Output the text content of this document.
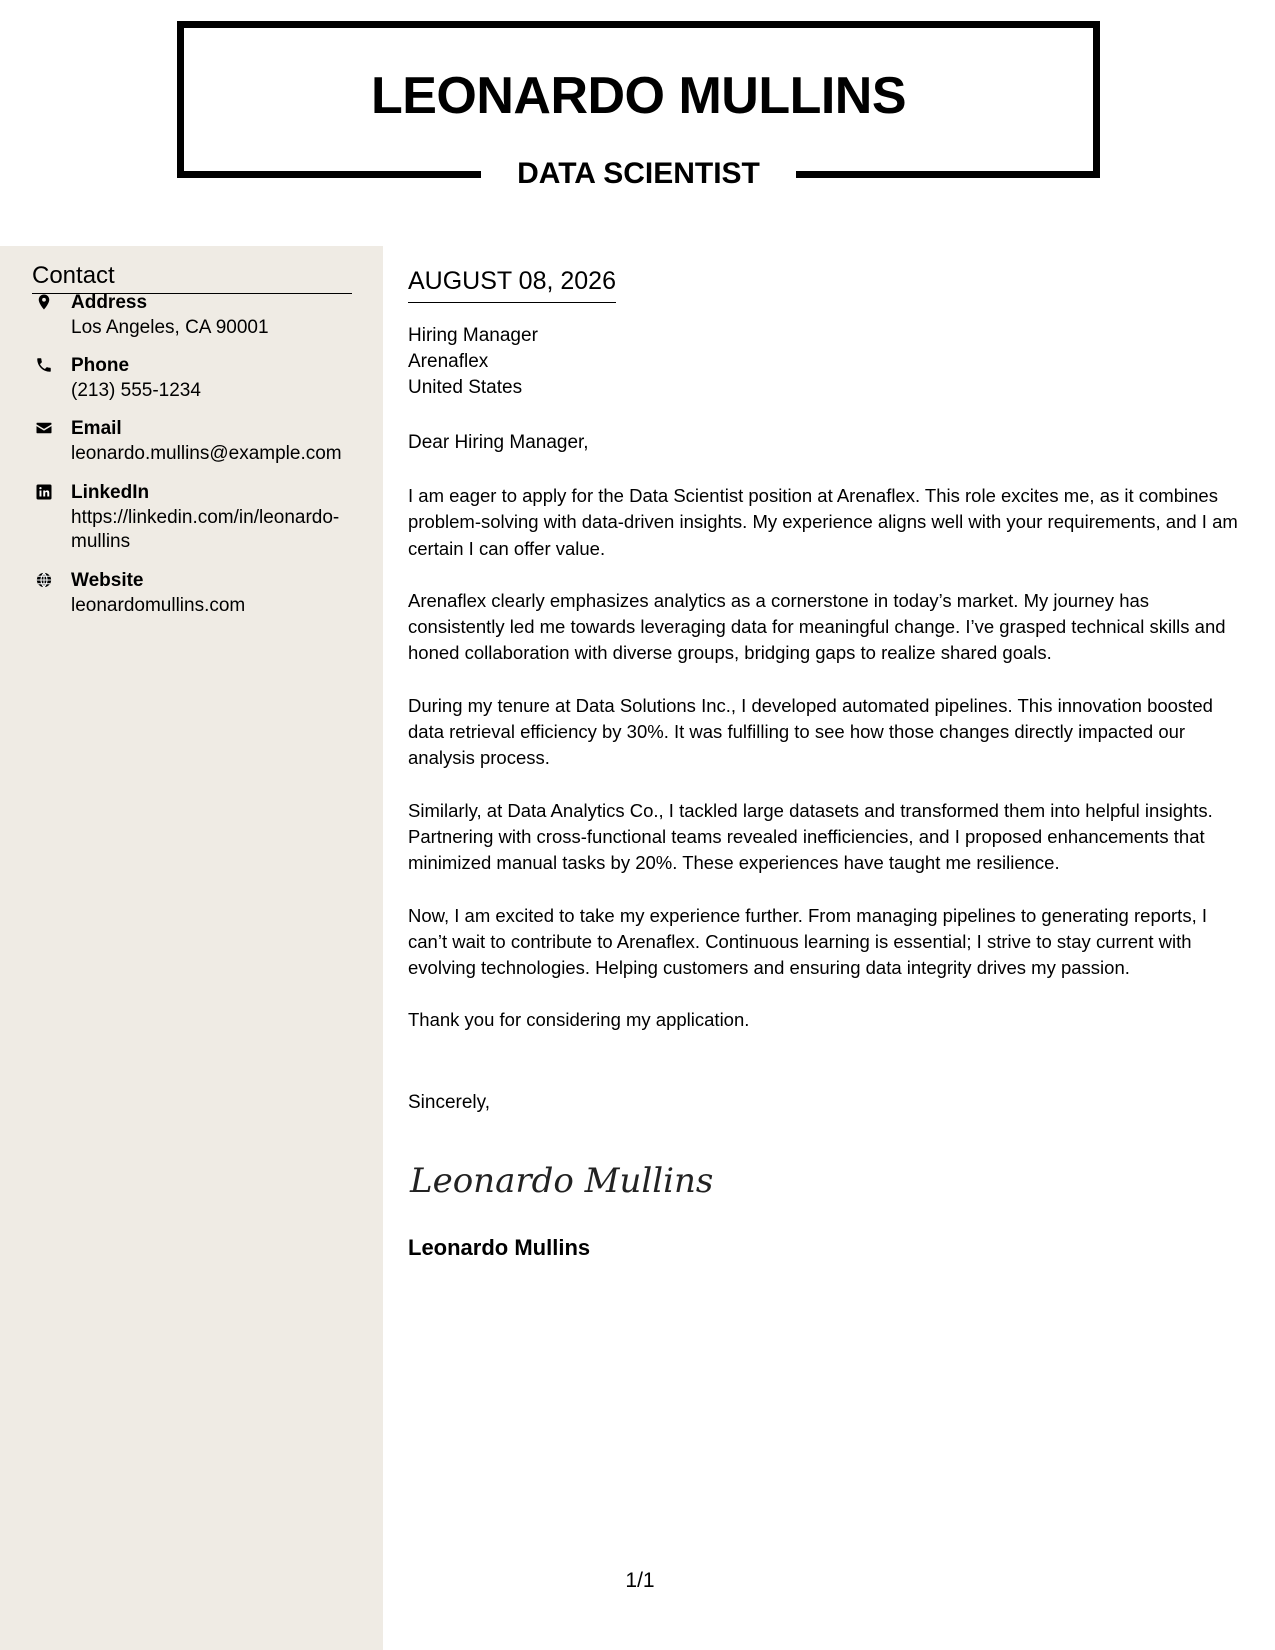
LEONARDO MULLINS
DATA SCIENTIST
Contact
Address
Los Angeles, CA 90001
Phone
(213) 555-1234
Email
leonardo.mullins@example.com
LinkedIn
https://linkedin.com/in/leonardo-mullins
Website
leonardomullins.com
AUGUST 08, 2026
Hiring Manager
Arenaflex
United States
Dear Hiring Manager,

I am eager to apply for the Data Scientist position at Arenaflex. This role excites me, as it combines problem-solving with data-driven insights. My experience aligns well with your requirements, and I am certain I can offer value.

Arenaflex clearly emphasizes analytics as a cornerstone in today’s market. My journey has consistently led me towards leveraging data for meaningful change. I’ve grasped technical skills and honed collaboration with diverse groups, bridging gaps to realize shared goals.

During my tenure at Data Solutions Inc., I developed automated pipelines. This innovation boosted data retrieval efficiency by 30%. It was fulfilling to see how those changes directly impacted our analysis process.

Similarly, at Data Analytics Co., I tackled large datasets and transformed them into helpful insights. Partnering with cross-functional teams revealed inefficiencies, and I proposed enhancements that minimized manual tasks by 20%. These experiences have taught me resilience.

Now, I am excited to take my experience further. From managing pipelines to generating reports, I can’t wait to contribute to Arenaflex. Continuous learning is essential; I strive to stay current with evolving technologies. Helping customers and ensuring data integrity drives my passion.

Thank you for considering my application.

Sincerely,
Leonardo Mullins
Leonardo Mullins
1/1
